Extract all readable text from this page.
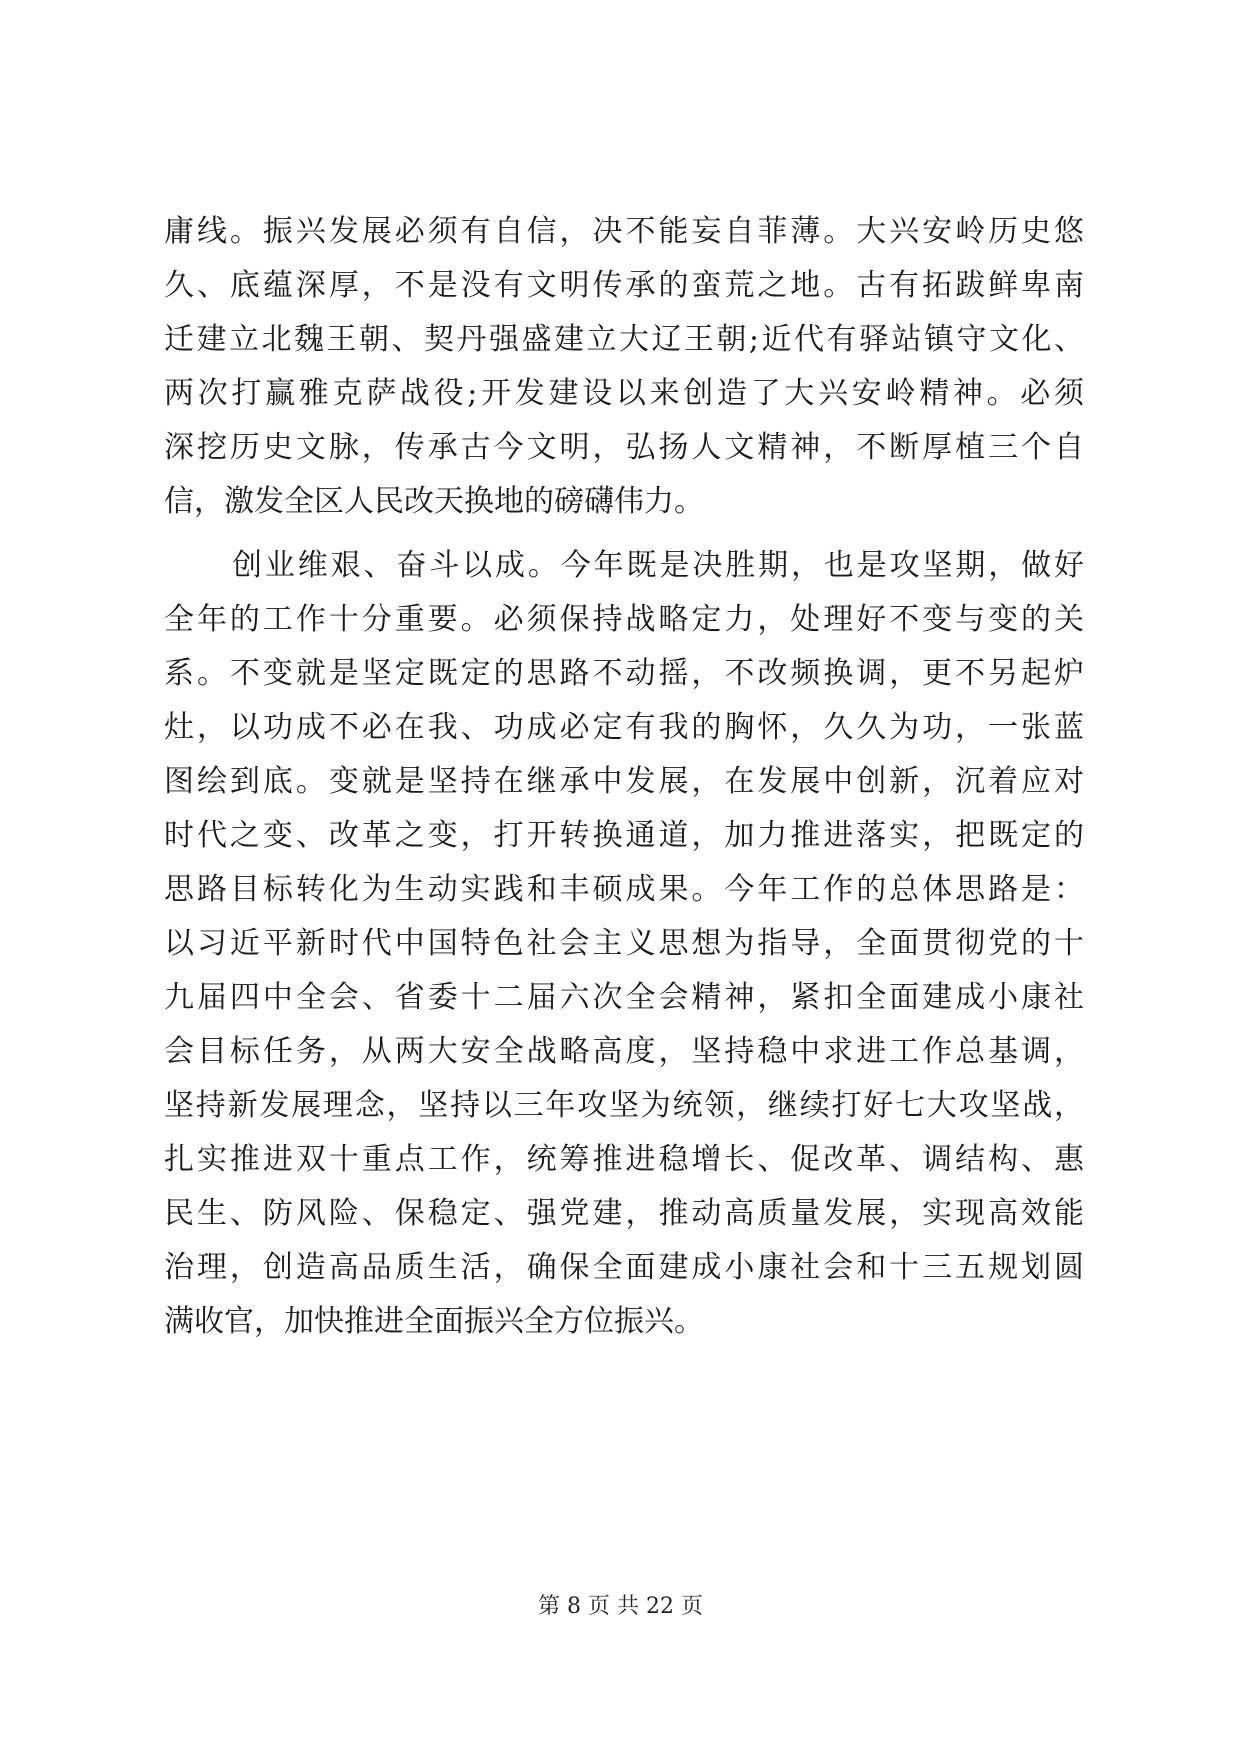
庸线。振兴发展必须有自信，决不能妄自菲薄。大兴安岭历史悠
久、底蕴深厚，不是没有文明传承的蛮荒之地。古有拓跋鲜卑南
迁建立北魏王朝、契丹强盛建立大辽王朝;近代有驿站镇守文化、
两次打赢雅克萨战役;开发建设以来创造了大兴安岭精神。必须
深挖历史文脉，传承古今文明，弘扬人文精神，不断厚植三个自
信，激发全区人民改天换地的磅礴伟力。
创业维艰、奋斗以成。今年既是决胜期，也是攻坚期，做好
全年的工作十分重要。必须保持战略定力，处理好不变与变的关
系。不变就是坚定既定的思路不动摇，不改频换调，更不另起炉
灶，以功成不必在我、功成必定有我的胸怀，久久为功，一张蓝
图绘到底。变就是坚持在继承中发展，在发展中创新，沉着应对
时代之变、改革之变，打开转换通道，加力推进落实，把既定的
思路目标转化为生动实践和丰硕成果。今年工作的总体思路是：
以习近平新时代中国特色社会主义思想为指导，全面贯彻党的十
九届四中全会、省委十二届六次全会精神，紧扣全面建成小康社
会目标任务，从两大安全战略高度，坚持稳中求进工作总基调，
坚持新发展理念，坚持以三年攻坚为统领，继续打好七大攻坚战，
扎实推进双十重点工作，统筹推进稳增长、促改革、调结构、惠
民生、防风险、保稳定、强党建，推动高质量发展，实现高效能
治理，创造高品质生活，确保全面建成小康社会和十三五规划圆
满收官，加快推进全面振兴全方位振兴。
第 8 页 共 22 页
